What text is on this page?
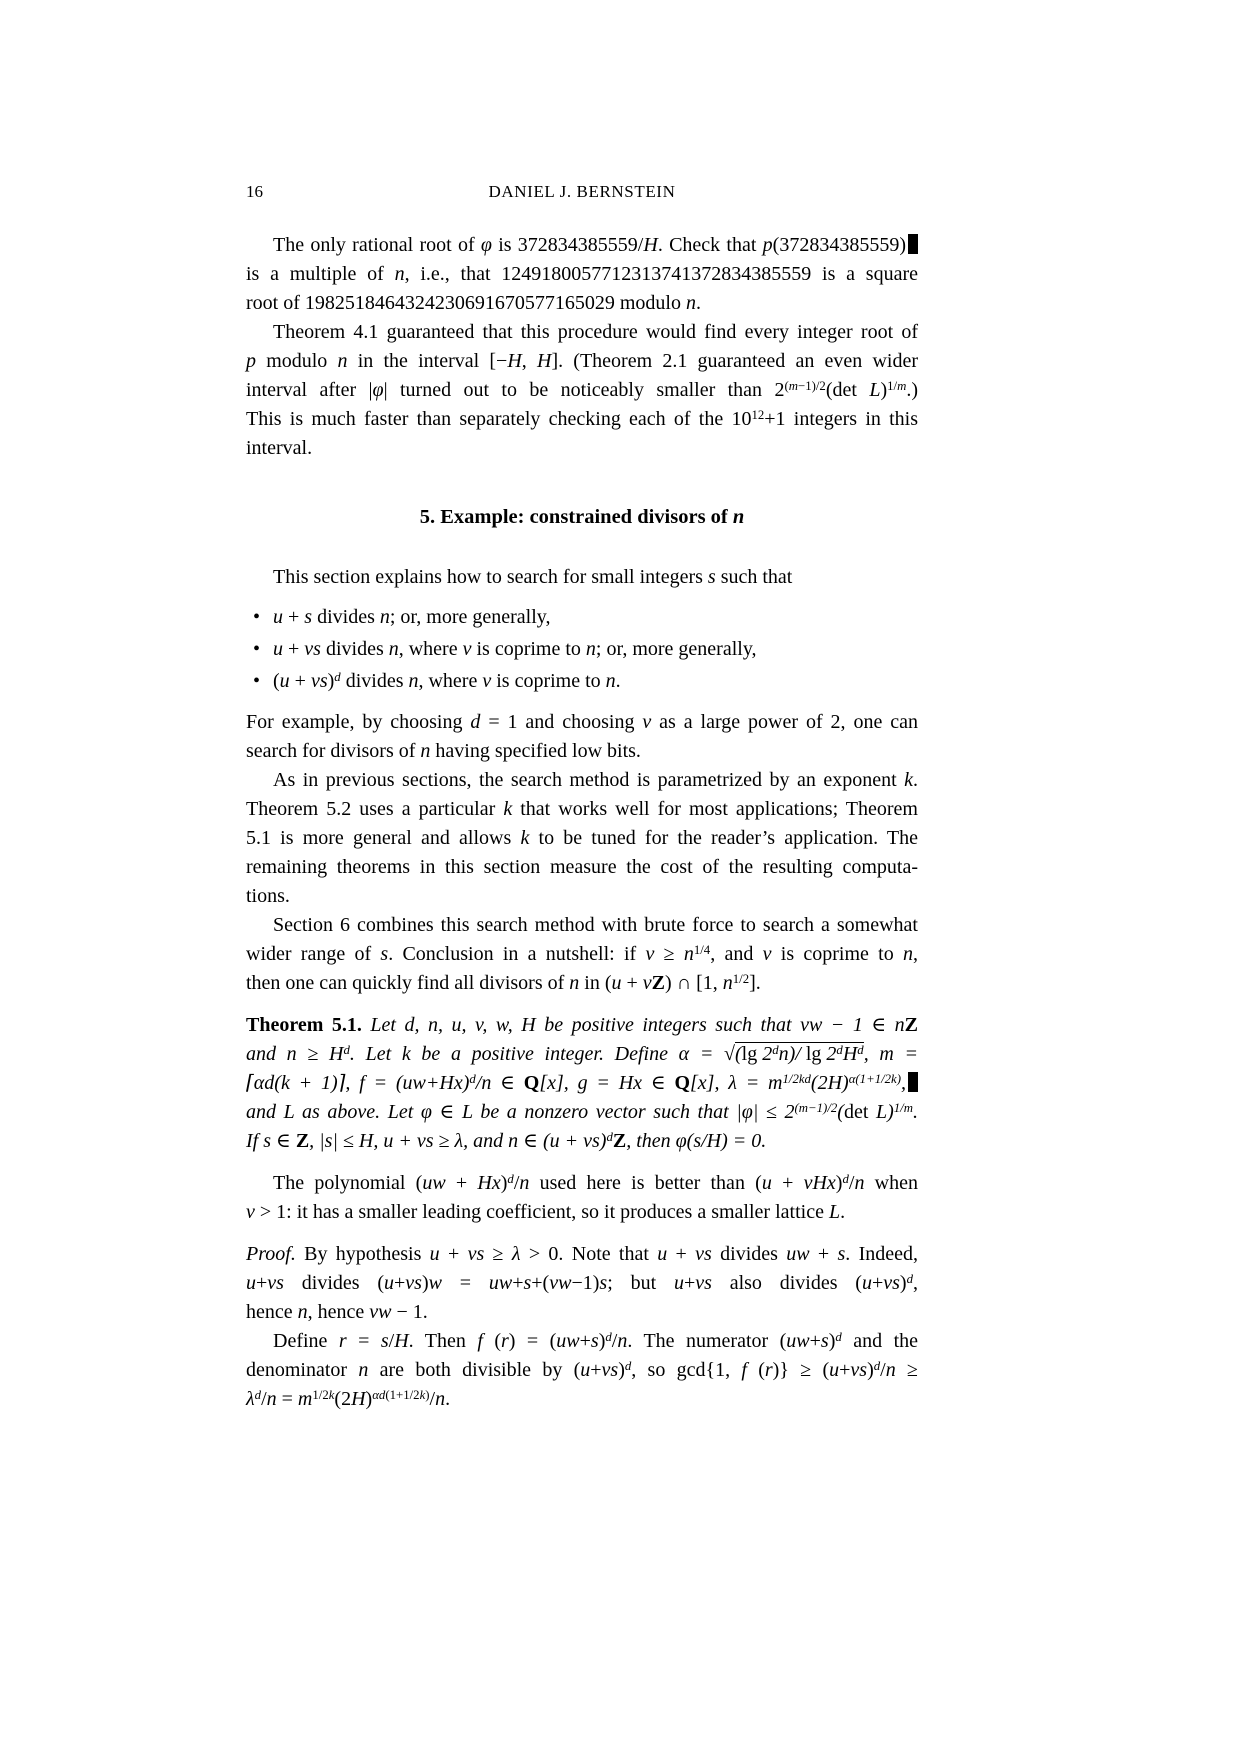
16	DANIEL J. BERNSTEIN
The only rational root of φ is 372834385559/H. Check that p(372834385559)
is a multiple of n, i.e., that 1249180057712313741372834385559 is a square
root of 1982518464324230691670577165029 modulo n.
Theorem 4.1 guaranteed that this procedure would find every integer root of
p modulo n in the interval [−H, H]. (Theorem 2.1 guaranteed an even wider
interval after |φ| turned out to be noticeably smaller than $2^{(m-1)/2}(\det$ L)$^{1/m}$.)
This is much faster than separately checking each of the $10^{12}+1$ integers in this
interval.
5. Example: constrained divisors of n
This section explains how to search for small integers s such that
• u + s divides n; or, more generally,
• u + vs divides n, where v is coprime to n; or, more generally,
• (u + vs)$^d$ divides n, where v is coprime to n.
For example, by choosing d = 1 and choosing v as a large power of 2, one can
search for divisors of n having specified low bits.
As in previous sections, the search method is parametrized by an exponent k.
Theorem 5.2 uses a particular k that works well for most applications; Theorem
5.1 is more general and allows k to be tuned for the reader’s application. The
remaining theorems in this section measure the cost of the resulting computa-
tions.
Section 6 combines this search method with brute force to search a somewhat
wider range of s. Conclusion in a nutshell: if $v \ge n^{1/4}$, and v is coprime to n,
then one can quickly find all divisors of n in (u + vZ) ∩ [1, $n^{1/2}$].
Theorem 5.1. Let d, n, u, v, w, H be positive integers such that vw − 1 ∈ nZ
and $n \ge H^d$. Let k be a positive integer. Define α = √(lg 2$^d$n)/ $\lg 2^dH^d$, m =
⌈αd(k + 1)⌉, $f = (uw+Hx)^d/n$ ∈ Q[x], g = Hx ∈ Q[x], $\lambda = m^{1/2kd}(2H)^{\alpha(1+1/2k)}$,
and L as above. Let φ ∈ L be a nonzero vector such that $|\varphi| \le 2^{(m-1)/2}(\det$ L)$^{1/m}$.
If s ∈ Z, |s| ≤ H, u + vs ≥ λ, and n ∈ (u + vs)$^d$Z, then φ(s/H) = 0.
The polynomial (uw + Hx)$^d$/n used here is better than (u + vHx)$^d$/n when
v > 1: it has a smaller leading coefficient, so it produces a smaller lattice L.
Proof. By hypothesis u + vs ≥ λ > 0. Note that u + vs divides uw + s. Indeed,
u+vs divides (u+vs)w = uw+s+(vw−1)s; but u+vs also divides $(u+vs)^d$,
hence n, hence vw − 1.
Define r = s/H. Then f $(r) = (uw+s)^d/n$. The numerator $(uw+s)^d$ and the
denominator n are both divisible by $(u+vs)^d$, so gcd{1, f $(r)\} \ge (u+vs)^d/n$ ≥
$\lambda^d/n = m^{1/2k}(2H)^{\alpha d(1+1/2k)}/n$.
